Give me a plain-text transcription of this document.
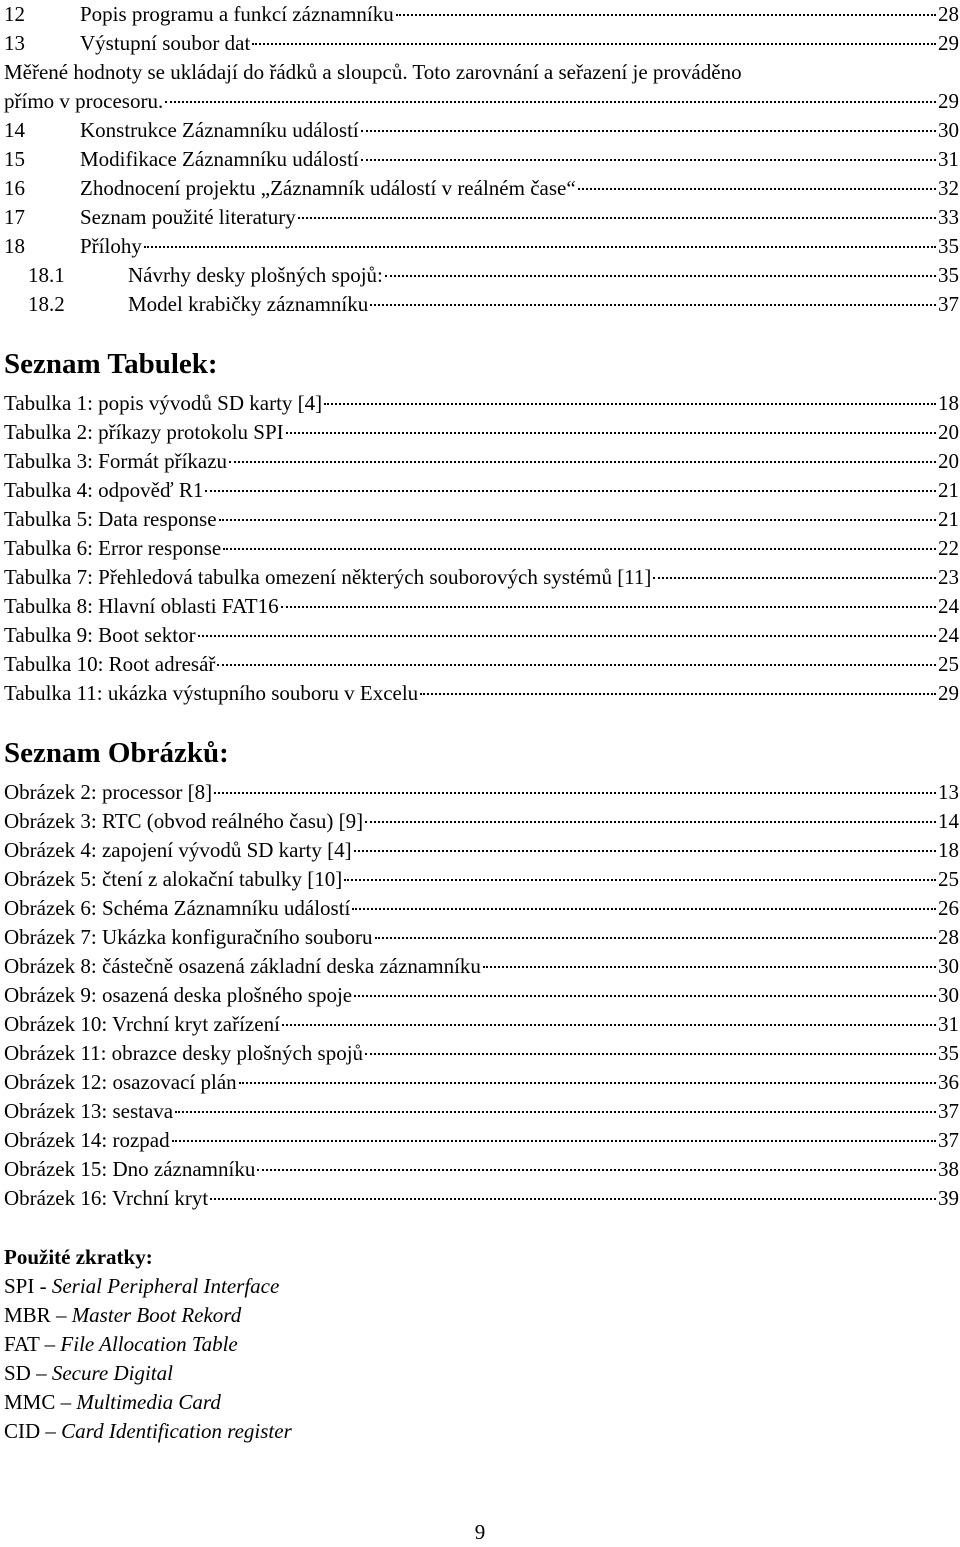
12	Popis programu a funkcí záznamníku	28
13	Výstupní soubor dat	29
Měřené hodnoty se ukládají do řádků a sloupců. Toto zarovnání a seřazení je prováděno
přímo v procesoru.	29
14	Konstrukce Záznamníku událostí	30
15	Modifikace Záznamníku událostí	31
16	Zhodnocení projektu „Záznamník událostí v reálném čase“	32
17	Seznam použité literatury	33
18	Přílohy	35
18.1	Návrhy desky plošných spojů:	35
18.2	Model krabičky záznamníku	37
Seznam Tabulek:
Tabulka 1: popis vývodů SD karty [4]	18
Tabulka 2: příkazy protokolu SPI	20
Tabulka 3: Formát příkazu	20
Tabulka 4: odpověď R1	21
Tabulka 5: Data response	21
Tabulka 6: Error response	22
Tabulka 7: Přehledová tabulka omezení některých souborových systémů [11]	23
Tabulka 8: Hlavní oblasti FAT16	24
Tabulka 9: Boot sektor	24
Tabulka 10: Root adresář	25
Tabulka 11: ukázka výstupního souboru v Excelu	29
Seznam Obrázků:
Obrázek 2: processor [8]	13
Obrázek 3: RTC (obvod reálného času) [9]	14
Obrázek 4: zapojení vývodů SD karty [4]	18
Obrázek 5: čtení z alokační tabulky [10]	25
Obrázek 6: Schéma Záznamníku událostí	26
Obrázek 7: Ukázka konfiguračního souboru	28
Obrázek 8: částečně osazená základní deska záznamníku	30
Obrázek 9: osazená deska plošného spoje	30
Obrázek 10: Vrchní kryt zařízení	31
Obrázek 11: obrazce desky plošných spojů	35
Obrázek 12: osazovací plán	36
Obrázek 13: sestava	37
Obrázek 14: rozpad	37
Obrázek 15: Dno záznamníku	38
Obrázek 16: Vrchní kryt	39
Použité zkratky:
SPI - Serial Peripheral Interface
MBR – Master Boot Rekord
FAT – File Allocation Table
SD – Secure Digital
MMC – Multimedia Card
CID – Card Identification register
9
